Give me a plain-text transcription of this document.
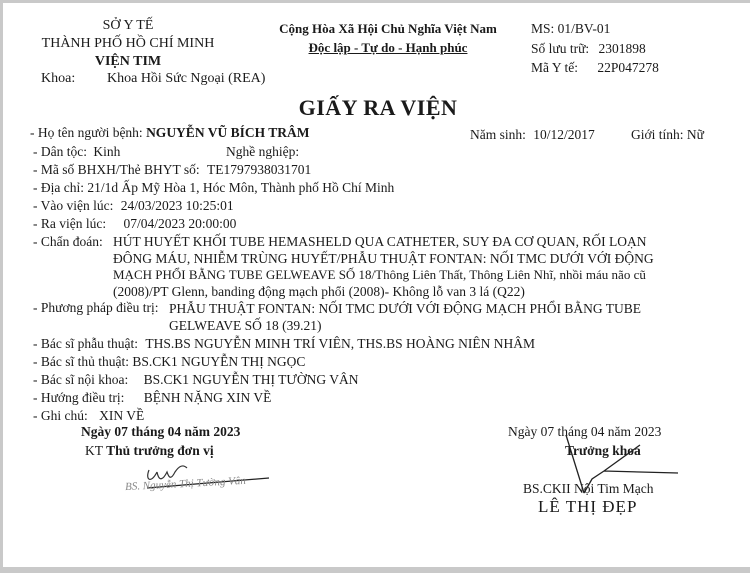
SỞ Y TẾ
THÀNH PHỐ HỒ CHÍ MINH
VIỆN TIM
Khoa: Khoa Hồi Sức Ngoại (REA)
Cộng Hòa Xã Hội Chủ Nghĩa Việt Nam
Độc lập - Tự do - Hạnh phúc
MS: 01/BV-01
Số lưu trữ: 2301898
Mã Y tế: 22P047278
GIẤY RA VIỆN
- Họ tên người bệnh: NGUYỄN VŨ BÍCH TRÂM	Năm sinh: 10/12/2017	Giới tính: Nữ
- Dân tộc: Kinh	Nghề nghiệp:
- Mã số BHXH/Thẻ BHYT số: TE1797938031701
- Địa chỉ: 21/1d Ấp Mỹ Hòa 1, Hóc Môn, Thành phố Hồ Chí Minh
- Vào viện lúc: 24/03/2023 10:25:01
- Ra viện lúc: 07/04/2023 20:00:00
- Chẩn đoán: HÚT HUYẾT KHỐI TUBE HEMASHELD QUA CATHETER, SUY ĐA CƠ QUAN, RỐI LOẠN
ĐÔNG MÁU, NHIỄM TRÙNG HUYẾT/PHẪU THUẬT FONTAN: NỐI TMC DƯỚI VỚI ĐỘNG
MẠCH PHỔI BẰNG TUBE GELWEAVE SỐ 18/Thông Liên Thất, Thông Liên Nhĩ, nhồi máu não cũ
(2008)/PT Glenn, banding động mạch phổi (2008)- Không lỗ van 3 lá (Q22)
- Phương pháp điều trị: PHẪU THUẬT FONTAN: NỐI TMC DƯỚI VỚI ĐỘNG MẠCH PHỔI BẰNG TUBE
GELWEAVE SỐ 18 (39.21)
- Bác sĩ phẫu thuật: THS.BS NGUYỄN MINH TRÍ VIÊN, THS.BS HOÀNG NIÊN NHÂM
- Bác sĩ thủ thuật: BS.CK1 NGUYỄN THỊ NGỌC
- Bác sĩ nội khoa: BS.CK1 NGUYỄN THỊ TƯỜNG VÂN
- Hướng điều trị: BỆNH NẶNG XIN VỀ
- Ghi chú: XIN VỀ
Ngày 07 tháng 04 năm 2023
KT Thủ trưởng đơn vị
BS. Nguyễn Thị Tường Vân
Ngày 07 tháng 04 năm 2023
Trưởng khoa
BS.CKII Nội Tim Mạch
LÊ THỊ ĐẸP
